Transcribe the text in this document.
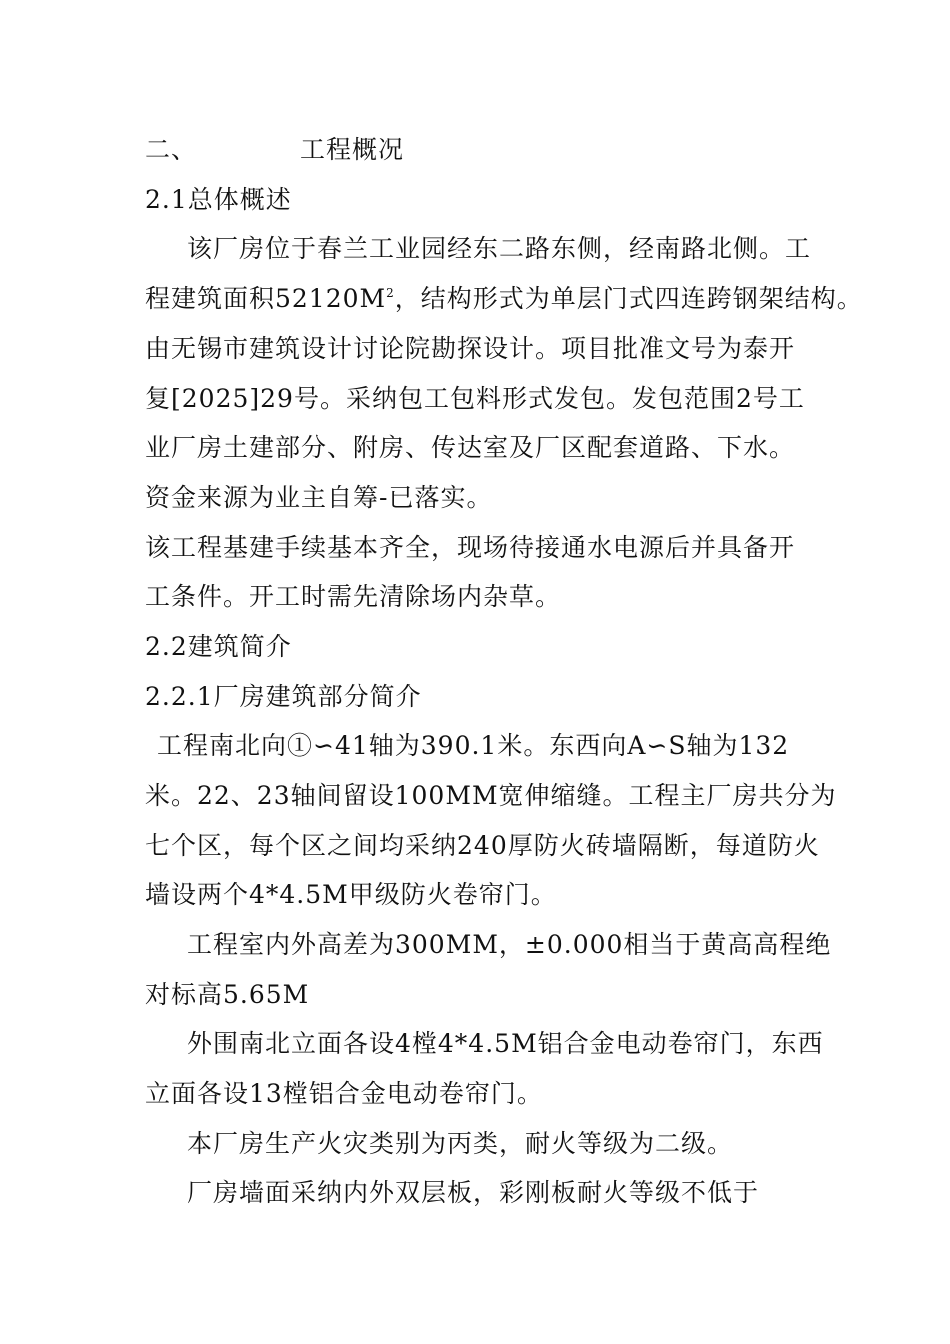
二、	工程概况
2.1总体概述
该厂房位于春兰工业园经东二路东侧，经南路北侧。工
程建筑面积$52120M^2$，结构形式为单层门式四连跨钢架结构。
由无锡市建筑设计讨论院勘探设计。项目批准文号为泰开
复[2025]29号。采纳包工包料形式发包。发包范围2号工
业厂房土建部分、附房、传达室及厂区配套道路、下水。
资金来源为业主自筹-已落实。
该工程基建手续基本齐全，现场待接通水电源后并具备开
工条件。开工时需先清除场内杂草。
2.2建筑简介
2.2.1厂房建筑部分简介
工程南北向①∽41轴为390.1米。东西向A∽S轴为132
米。22、23轴间留设100MM宽伸缩缝。工程主厂房共分为
七个区，每个区之间均采纳240厚防火砖墙隔断，每道防火
墙设两个4*4.5M甲级防火卷帘门。
工程室内外高差为300MM，±0.000相当于黄高高程绝
对标高5.65M
外围南北立面各设4樘4*4.5M铝合金电动卷帘门，东西
立面各设13樘铝合金电动卷帘门。
本厂房生产火灾类别为丙类，耐火等级为二级。
厂房墙面采纳内外双层板，彩刚板耐火等级不低于
